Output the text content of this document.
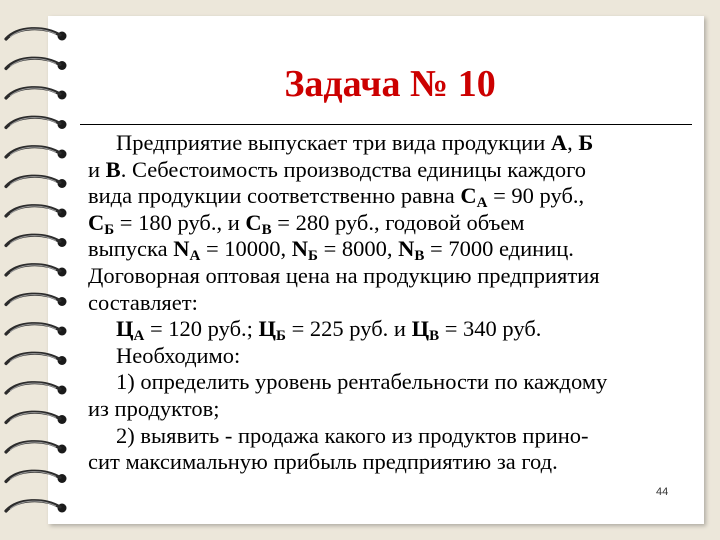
Задача № 10
Предприятие выпускает три вида продукции А, Б
и В. Себестоимость производства единицы каждого
вида продукции соответственно равна $С_А = 90$ руб.,
$С_Б = 180$ руб., и $С_В = 280$ руб., годовой объем
выпуска $N_А = 10000$, $N_Б = 8000$, $N_В = 7000$ единиц.
Договорная оптовая цена на продукцию предприятия
составляет:
$Ц_А = 120$ руб.; $Ц_Б = 225$ руб. и $Ц_В = 340$ руб.
Необходимо:
1) определить уровень рентабельности по каждому
из продуктов;
2) выявить - продажа какого из продуктов прино-
сит максимальную прибыль предприятию за год.
44
